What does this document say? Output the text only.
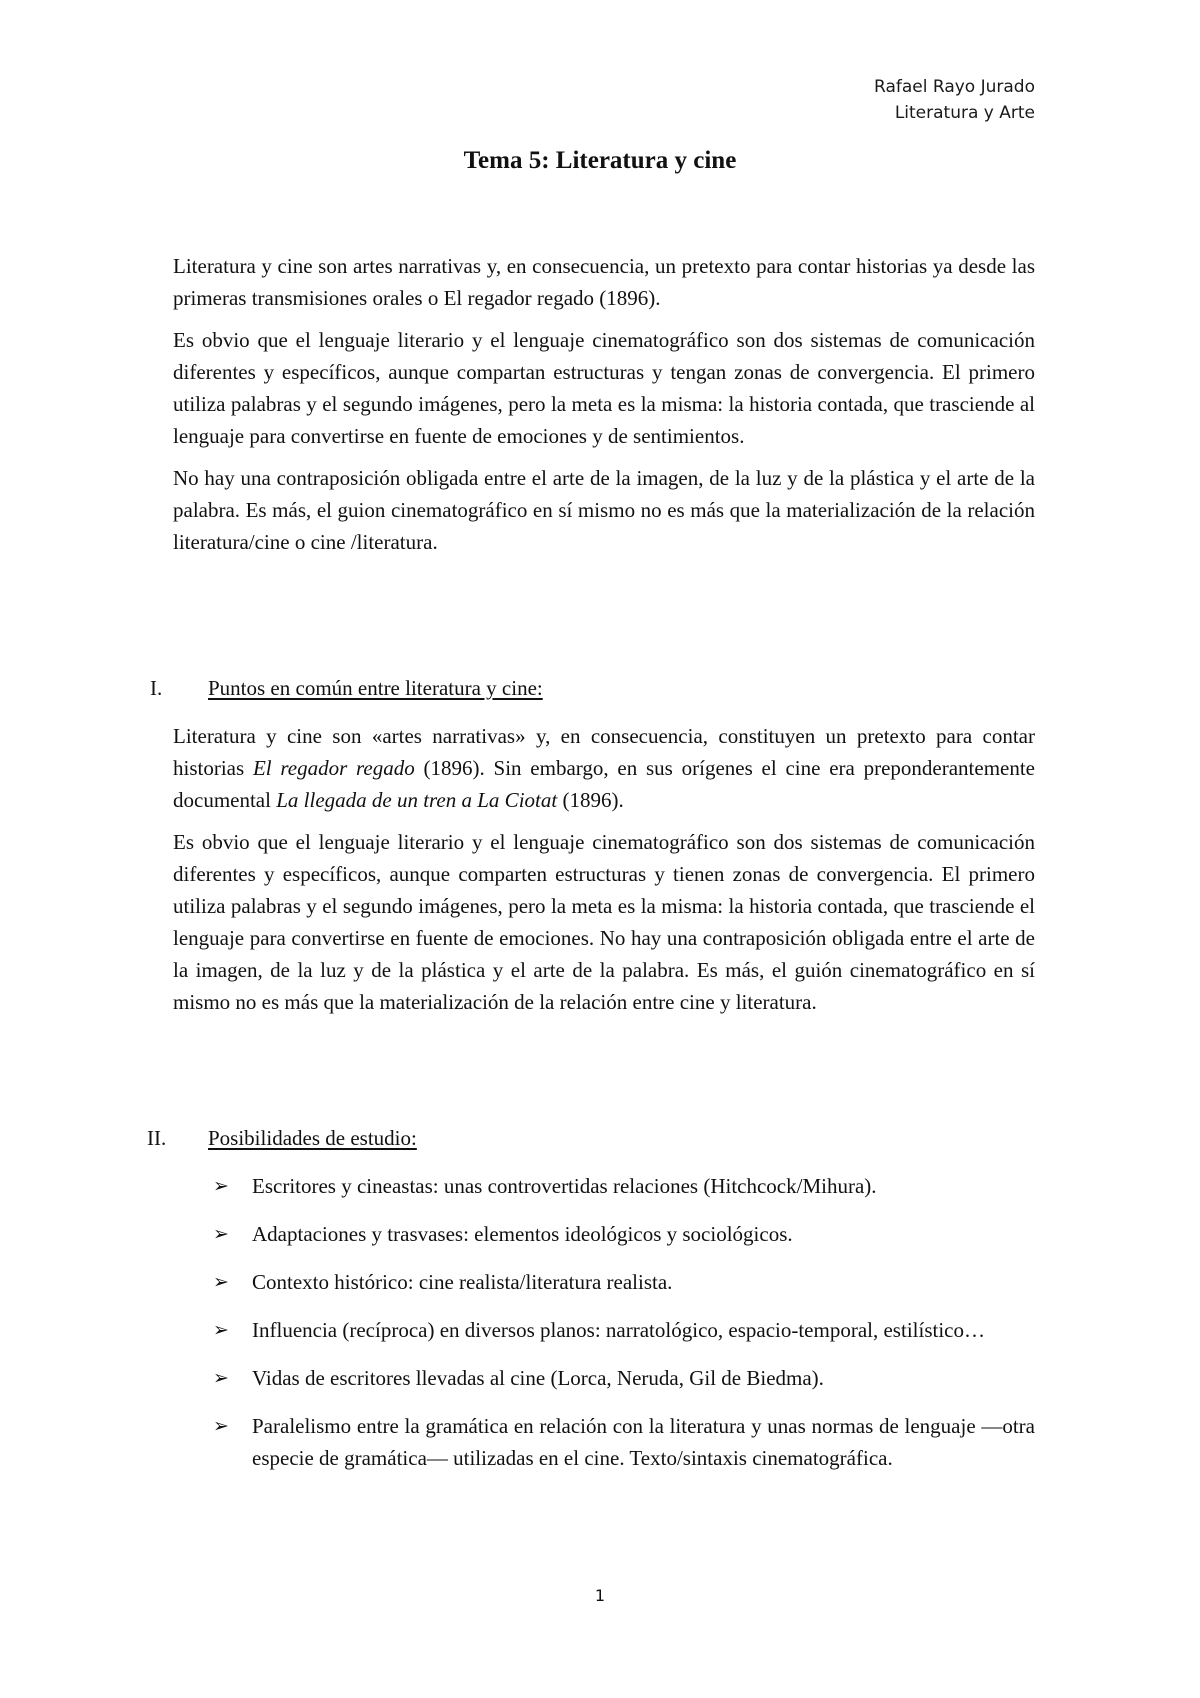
Rafael Rayo Jurado
Literatura y Arte
Tema 5: Literatura y cine

Literatura y cine son artes narrativas y, en consecuencia, un pretexto para contar historias ya desde las primeras transmisiones orales o El regador regado (1896).

Es obvio que el lenguaje literario y el lenguaje cinematográfico son dos sistemas de comunicación diferentes y específicos, aunque compartan estructuras y tengan zonas de convergencia. El primero utiliza palabras y el segundo imágenes, pero la meta es la misma: la historia contada, que trasciende al lenguaje para convertirse en fuente de emociones y de sentimientos.

No hay una contraposición obligada entre el arte de la imagen, de la luz y de la plástica y el arte de la palabra. Es más, el guion cinematográfico en sí mismo no es más que la materialización de la relación literatura/cine o cine /literatura.

I.	Puntos en común entre literatura y cine:

Literatura y cine son «artes narrativas» y, en consecuencia, constituyen un pretexto para contar historias El regador regado (1896). Sin embargo, en sus orígenes el cine era preponderantemente documental La llegada de un tren a La Ciotat (1896).

Es obvio que el lenguaje literario y el lenguaje cinematográfico son dos sistemas de comunicación diferentes y específicos, aunque comparten estructuras y tienen zonas de convergencia. El primero utiliza palabras y el segundo imágenes, pero la meta es la misma: la historia contada, que trasciende el lenguaje para convertirse en fuente de emociones. No hay una contraposición obligada entre el arte de la imagen, de la luz y de la plástica y el arte de la palabra. Es más, el guión cinematográfico en sí mismo no es más que la materialización de la relación entre cine y literatura.

II.	Posibilidades de estudio:
➢ Escritores y cineastas: unas controvertidas relaciones (Hitchcock/Mihura).
➢ Adaptaciones y trasvases: elementos ideológicos y sociológicos.
➢ Contexto histórico: cine realista/literatura realista.
➢ Influencia (recíproca) en diversos planos: narratológico, espacio-temporal, estilístico…
➢ Vidas de escritores llevadas al cine (Lorca, Neruda, Gil de Biedma).
➢ Paralelismo entre la gramática en relación con la literatura y unas normas de lenguaje —otra especie de gramática— utilizadas en el cine. Texto/sintaxis cinematográfica.
1
